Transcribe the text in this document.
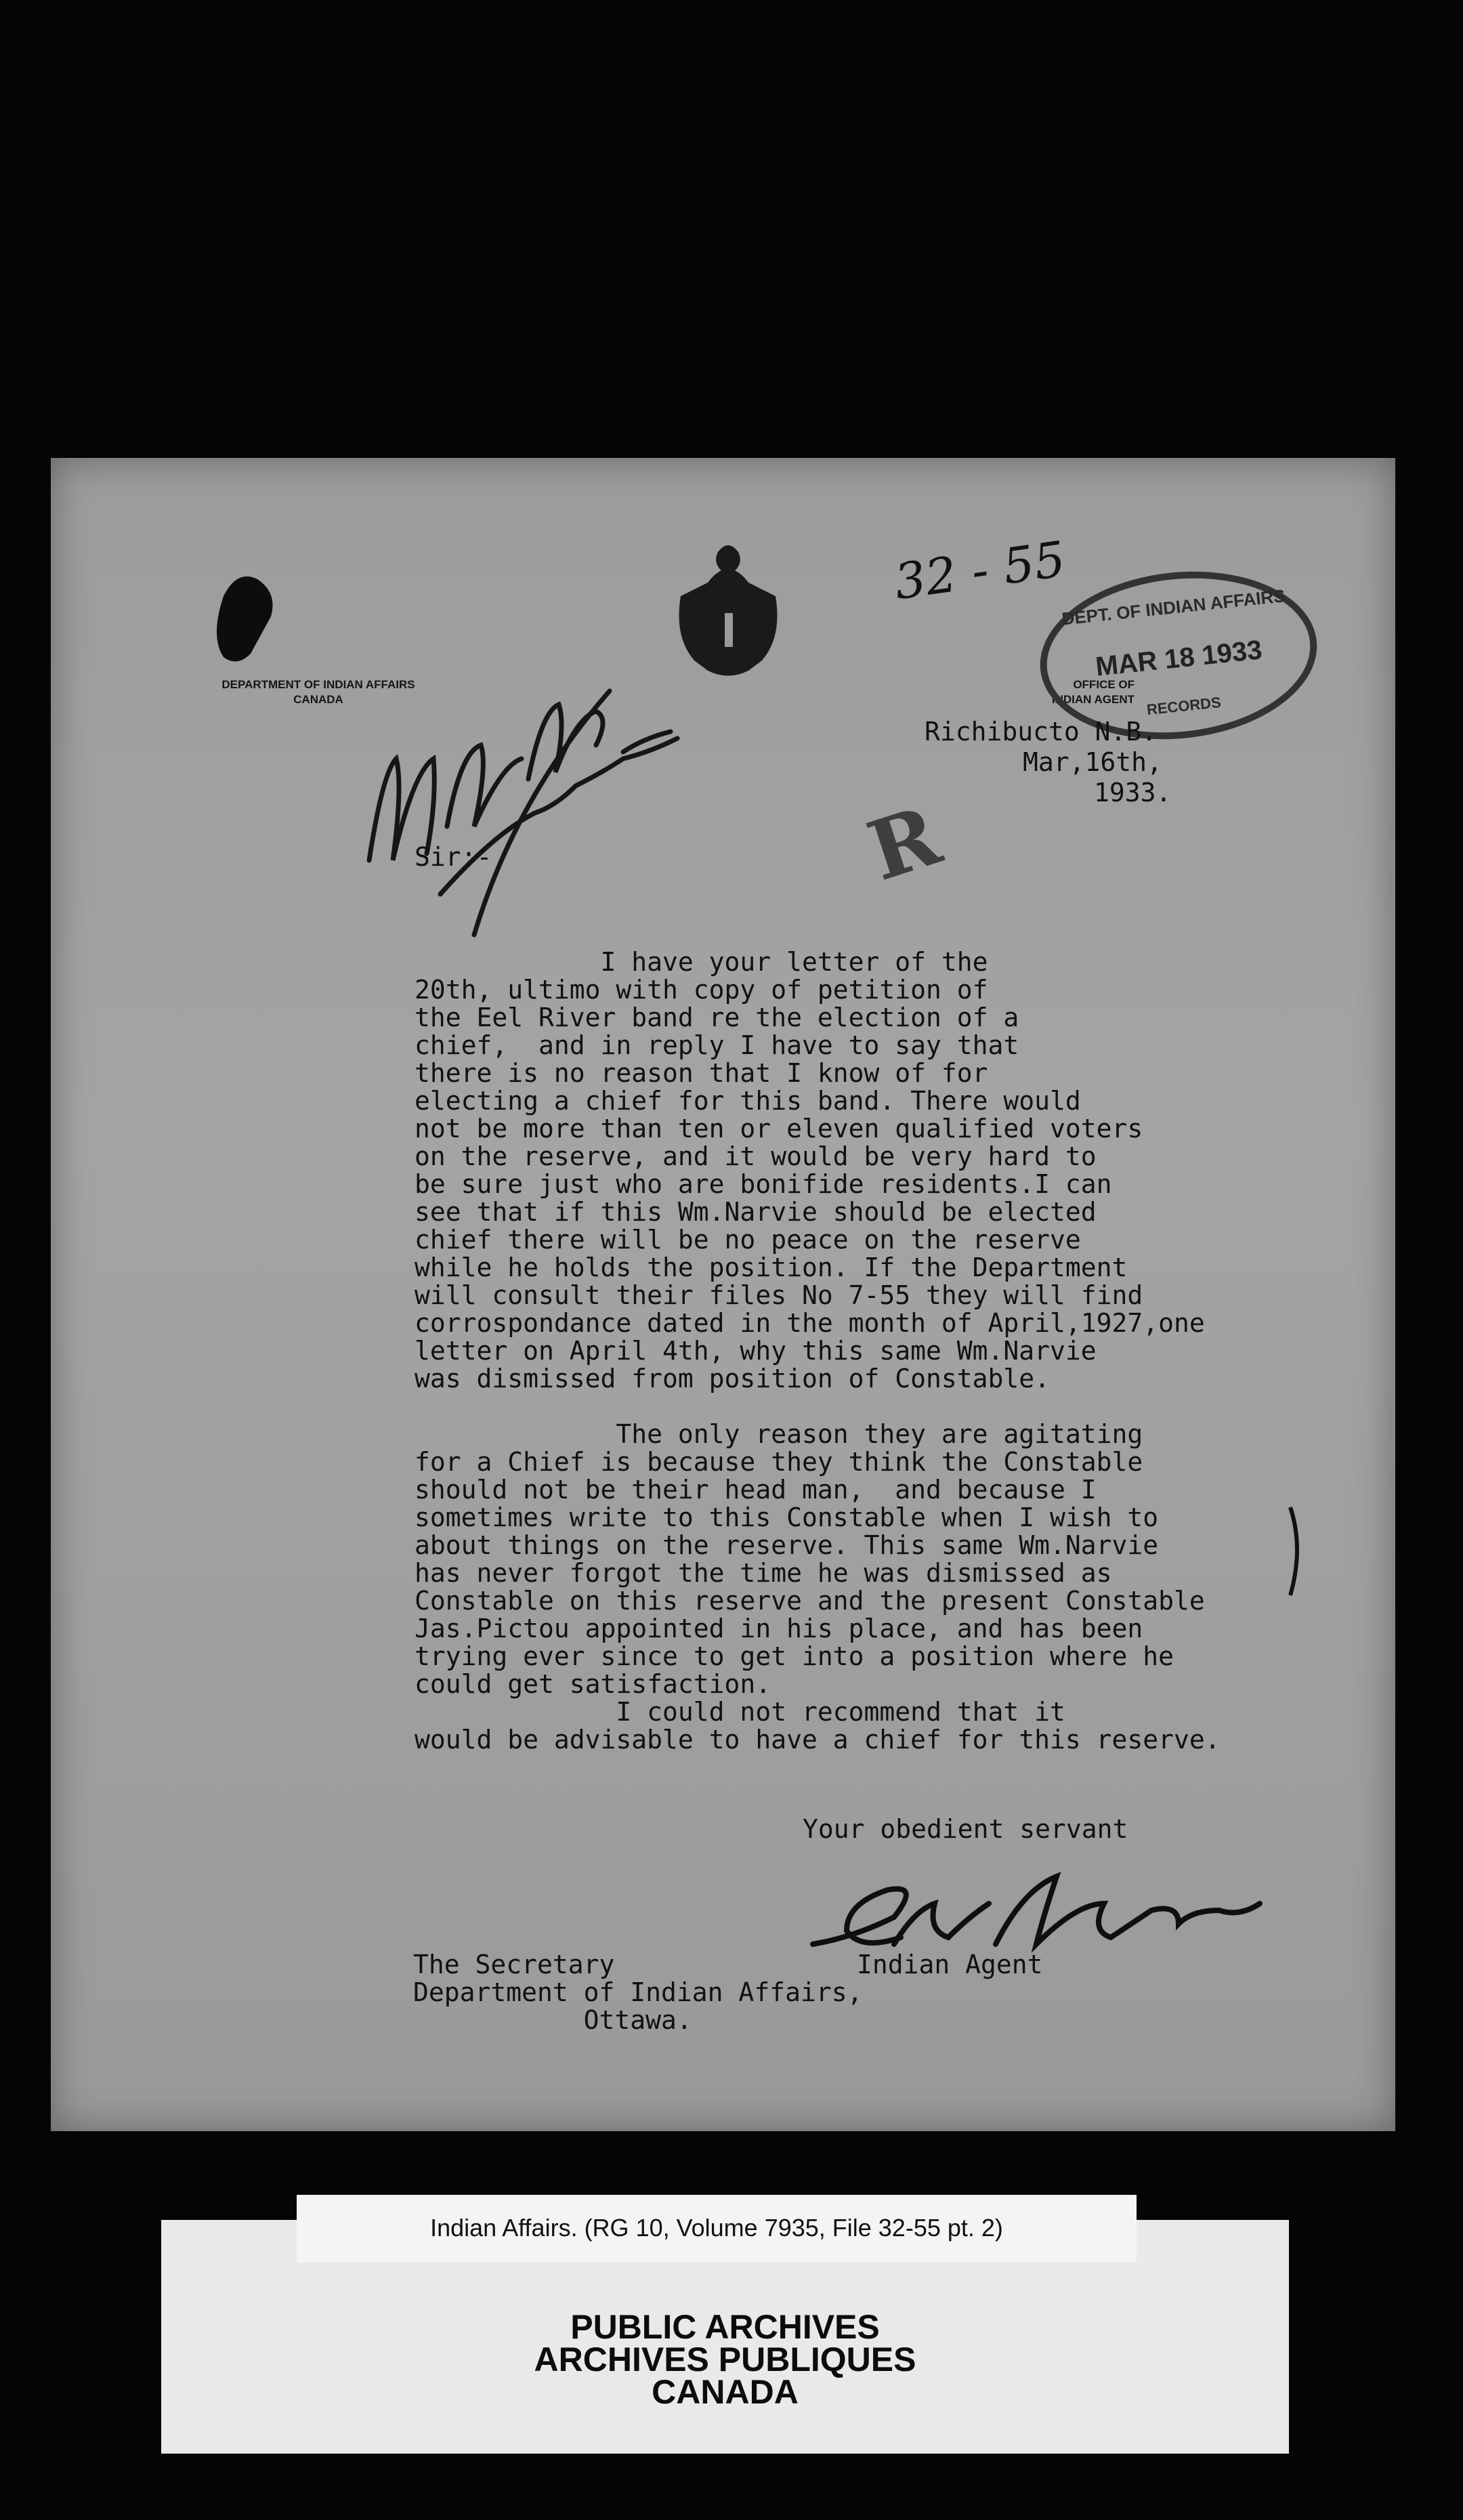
DEPARTMENT OF INDIAN AFFAIRS
CANADA
OFFICE OF
INDIAN AGENT
32 - 55
DEPT. OF INDIAN AFFAIRS
MAR 18 1933
RECORDS
R
Richibucto N.B.
Mar,16th,
1933.
Sir:-
I have your letter of the
20th, ultimo with copy of petition of
the Eel River band re the election of a
chief,  and in reply I have to say that
there is no reason that I know of for
electing a chief for this band. There would
not be more than ten or eleven qualified voters
on the reserve, and it would be very hard to
be sure just who are bonifide residents.I can
see that if this Wm.Narvie should be elected
chief there will be no peace on the reserve
while he holds the position. If the Department
will consult their files No 7-55 they will find
corrospondance dated in the month of April,1927,one
letter on April 4th, why this same Wm.Narvie
was dismissed from position of Constable.
The only reason they are agitating
for a Chief is because they think the Constable
should not be their head man,  and because I
sometimes write to this Constable when I wish to
about things on the reserve. This same Wm.Narvie
has never forgot the time he was dismissed as
Constable on this reserve and the present Constable
Jas.Pictou appointed in his place, and has been
trying ever since to get into a position where he
could get satisfaction.
I could not recommend that it
would be advisable to have a chief for this reserve.
Your obedient servant
Indian Agent
The Secretary
Department of Indian Affairs,
Ottawa.
Indian Affairs. (RG 10, Volume 7935, File 32-55 pt. 2)
PUBLIC ARCHIVES
ARCHIVES PUBLIQUES
CANADA
